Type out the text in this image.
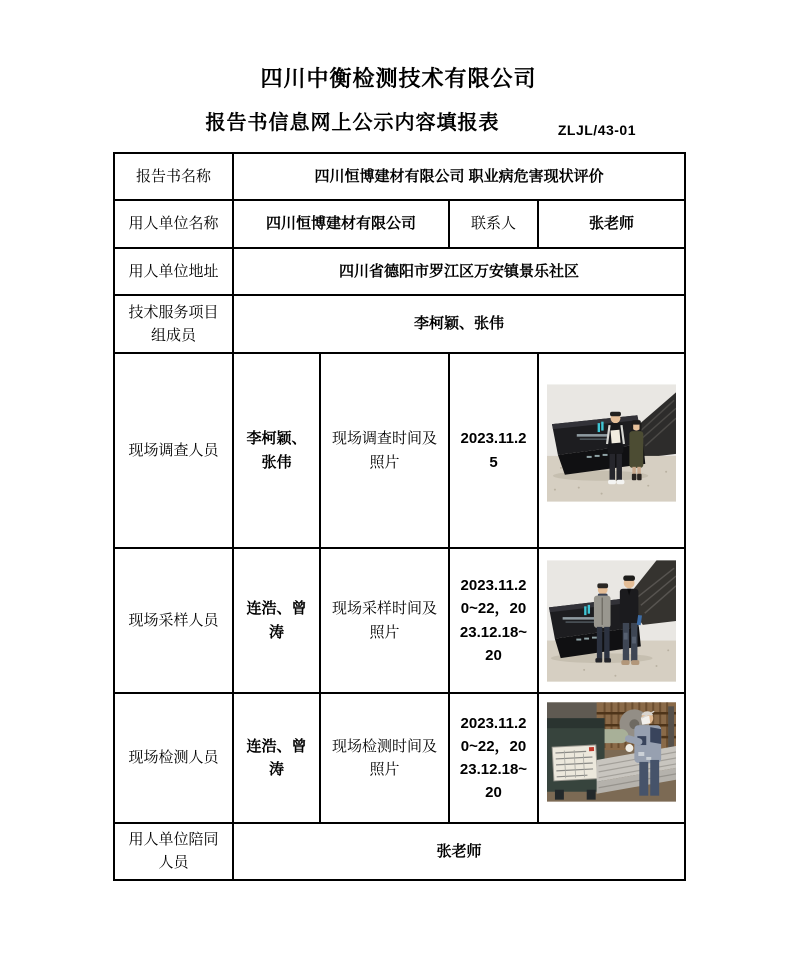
四川中衡检测技术有限公司
报告书信息网上公示内容填报表	ZLJL/43-01
报告书名称	四川恒博建材有限公司 职业病危害现状评价			
用人单位名称	四川恒博建材有限公司		联系人	张老师
用人单位地址	四川省德阳市罗江区万安镇景乐社区			
技术服务项目组成员	李柯颖、张伟			
现场调查人员	李柯颖、张伟	现场调查时间及照片	2023.11.25	

现场采样人员	连浩、曾涛	现场采样时间及照片	2023.11.20~22，2023.12.18~20	

现场检测人员	连浩、曾涛	现场检测时间及照片	2023.11.20~22，2023.12.18~20	

用人单位陪同人员	张老师			
